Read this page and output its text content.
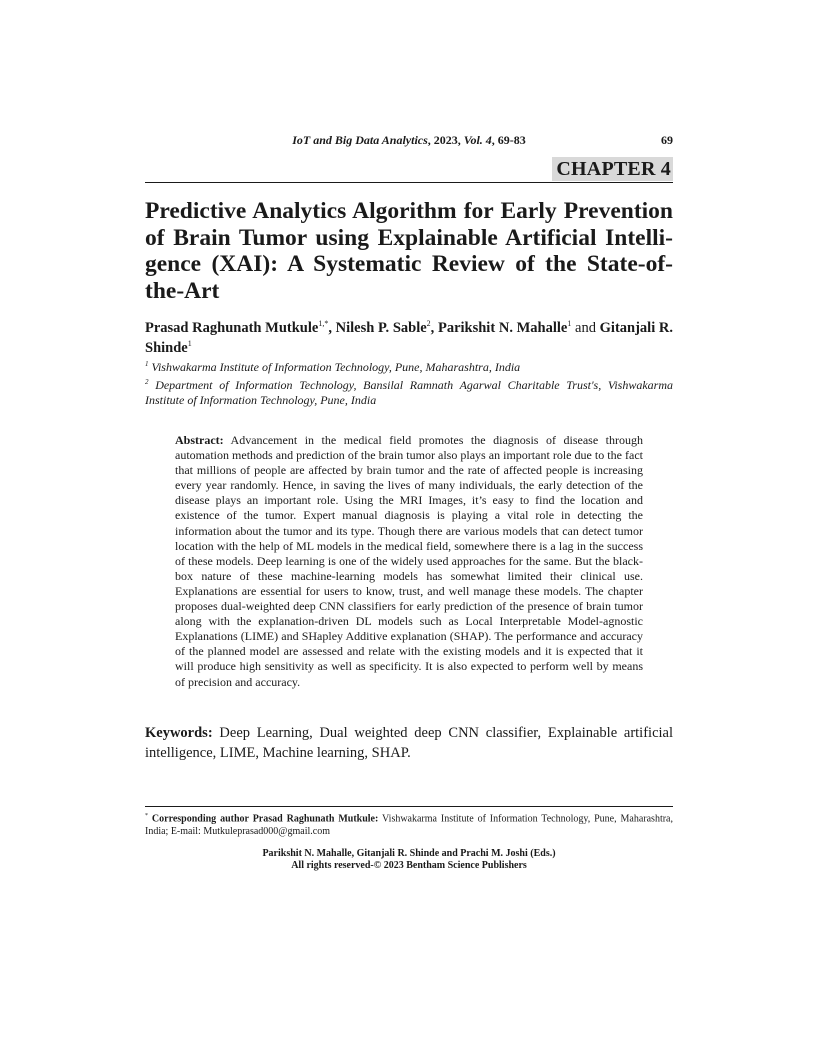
IoT and Big Data Analytics, 2023, Vol. 4, 69-83	69
CHAPTER 4
Predictive Analytics Algorithm for Early Prevention of Brain Tumor using Explainable Artificial Intelli-gence (XAI): A Systematic Review of the State-of-the-Art
Prasad Raghunath Mutkule$^{1,*}$, Nilesh P. Sable$^2$, Parikshit N. Mahalle$^1$ and Gitanjali R. Shinde$^1$
$^1$ Vishwakarma Institute of Information Technology, Pune, Maharashtra, India
$^2$ Department of Information Technology, Bansilal Ramnath Agarwal Charitable Trust's, Vishwakarma Institute of Information Technology, Pune, India

Abstract: Advancement in the medical field promotes the diagnosis of disease through automation methods and prediction of the brain tumor also plays an important role due to the fact that millions of people are affected by brain tumor and the rate of affected people is increasing every year randomly. Hence, in saving the lives of many individuals, the early detection of the disease plays an important role. Using the MRI Images, it’s easy to find the location and existence of the tumor. Expert manual diagnosis is playing a vital role in detecting the information about the tumor and its type. Though there are various models that can detect tumor location with the help of ML models in the medical field, somewhere there is a lag in the success of these models. Deep learning is one of the widely used approaches for the same. But the black-box nature of these machine-learning models has somewhat limited their clinical use. Explanations are essential for users to know, trust, and well manage these models. The chapter proposes dual-weighted deep CNN classifiers for early prediction of the presence of brain tumor along with the explanation-driven DL models such as Local Interpretable Model-agnostic Explanations (LIME) and SHapley Additive explanation (SHAP). The performance and accuracy of the planned model are assessed and relate with the existing models and it is expected that it will produce high sensitivity as well as specificity. It is also expected to perform well by means of precision and accuracy.

Keywords: Deep Learning, Dual weighted deep CNN classifier, Explainable artificial intelligence, LIME, Machine learning, SHAP.

* Corresponding author Prasad Raghunath Mutkule: Vishwakarma Institute of Information Technology, Pune, Maharashtra, India; E-mail: Mutkuleprasad000@gmail.com

Parikshit N. Mahalle, Gitanjali R. Shinde and Prachi M. Joshi (Eds.)
All rights reserved-© 2023 Bentham Science Publishers
